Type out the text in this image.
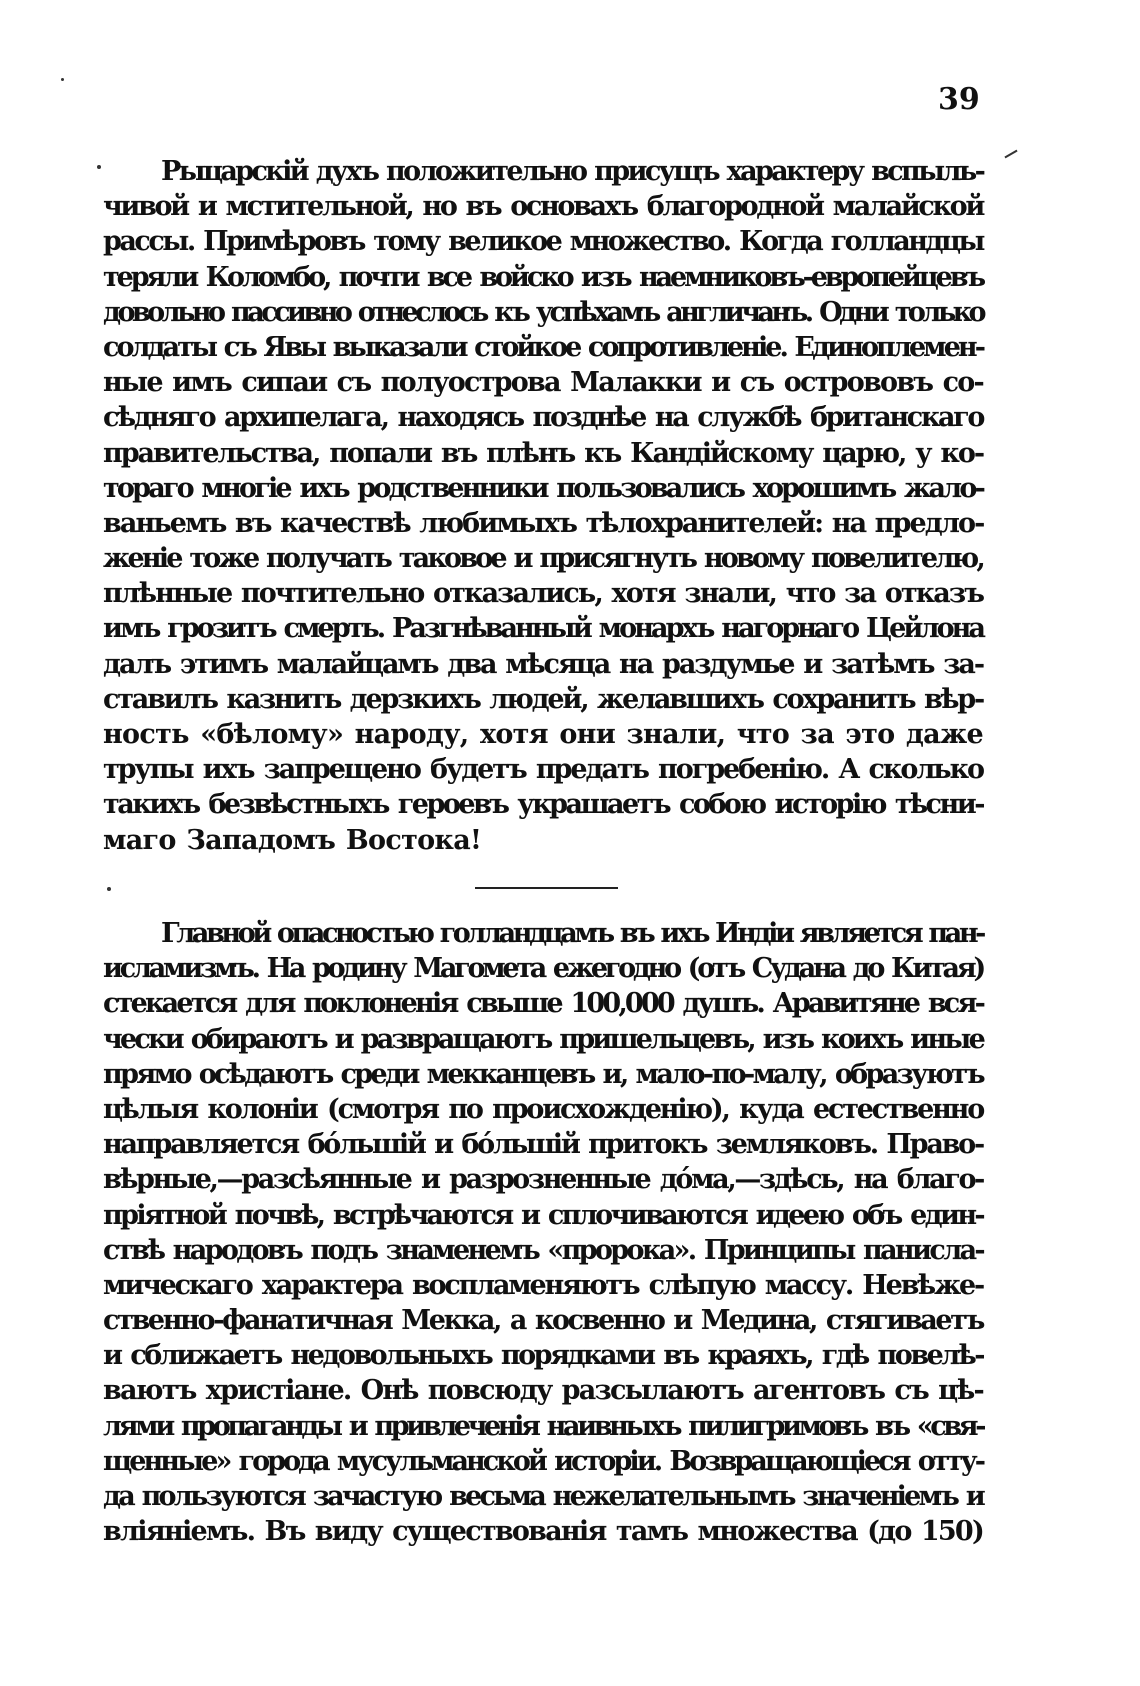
39
Рыцарскій духъ положительно присущъ характеру вспыль-
чивой и мстительной, но въ основахъ благородной малайской
рассы. Примѣровъ тому великое множество. Когда голландцы
теряли Коломбо, почти все войско изъ наемниковъ-европейцевъ
довольно пассивно отнеслось къ успѣхамъ англичанъ. Одни только
солдаты съ Явы выказали стойкое сопротивленіе. Единоплемен-
ные имъ сипаи съ полуострова Малакки и съ острововъ со-
сѣдняго архипелага, находясь позднѣе на службѣ британскаго
правительства, попали въ плѣнъ къ Кандійскому царю, у ко-
тораго многіе ихъ родственники пользовались хорошимъ жало-
ваньемъ въ качествѣ любимыхъ тѣлохранителей: на предло-
женіе тоже получать таковое и присягнуть новому повелителю,
плѣнные почтительно отказались, хотя знали, что за отказъ
имъ грозитъ смерть. Разгнѣванный монархъ нагорнаго Цейлона
далъ этимъ малайцамъ два мѣсяца на раздумье и затѣмъ за-
ставилъ казнить дерзкихъ людей, желавшихъ сохранить вѣр-
ность «бѣлому» народу, хотя они знали, что за это даже
трупы ихъ запрещено будетъ предать погребенію. А сколько
такихъ безвѣстныхъ героевъ украшаетъ собою исторію тѣсни-
маго Западомъ Востока!
Главной опасностью голландцамъ въ ихъ Индіи является пан-
исламизмъ. На родину Магомета ежегодно (отъ Судана до Китая)
стекается для поклоненія свыше 100,000 душъ. Аравитяне вся-
чески обираютъ и развращаютъ пришельцевъ, изъ коихъ иные
прямо осѣдаютъ среди мекканцевъ и, мало-по-малу, образуютъ
цѣлыя колоніи (смотря по происхожденію), куда естественно
направляется бо́льшій и бо́льшій притокъ земляковъ. Право-
вѣрные,—разсѣянные и разрозненные до́ма,—здѣсь, на благо-
пріятной почвѣ, встрѣчаются и сплочиваются идеею объ един-
ствѣ народовъ подъ знаменемъ «пророка». Принципы панисла-
мическаго характера воспламеняютъ слѣпую массу. Невѣже-
ственно-фанатичная Мекка, а косвенно и Медина, стягиваетъ
и сближаетъ недовольныхъ порядками въ краяхъ, гдѣ повелѣ-
ваютъ христіане. Онѣ повсюду разсылаютъ агентовъ съ цѣ-
лями пропаганды и привлеченія наивныхъ пилигримовъ въ «свя-
щенные» города мусульманской исторіи. Возвращающіеся отту-
да пользуются зачастую весьма нежелательнымъ значеніемъ и
вліяніемъ. Въ виду существованія тамъ множества (до 150)
